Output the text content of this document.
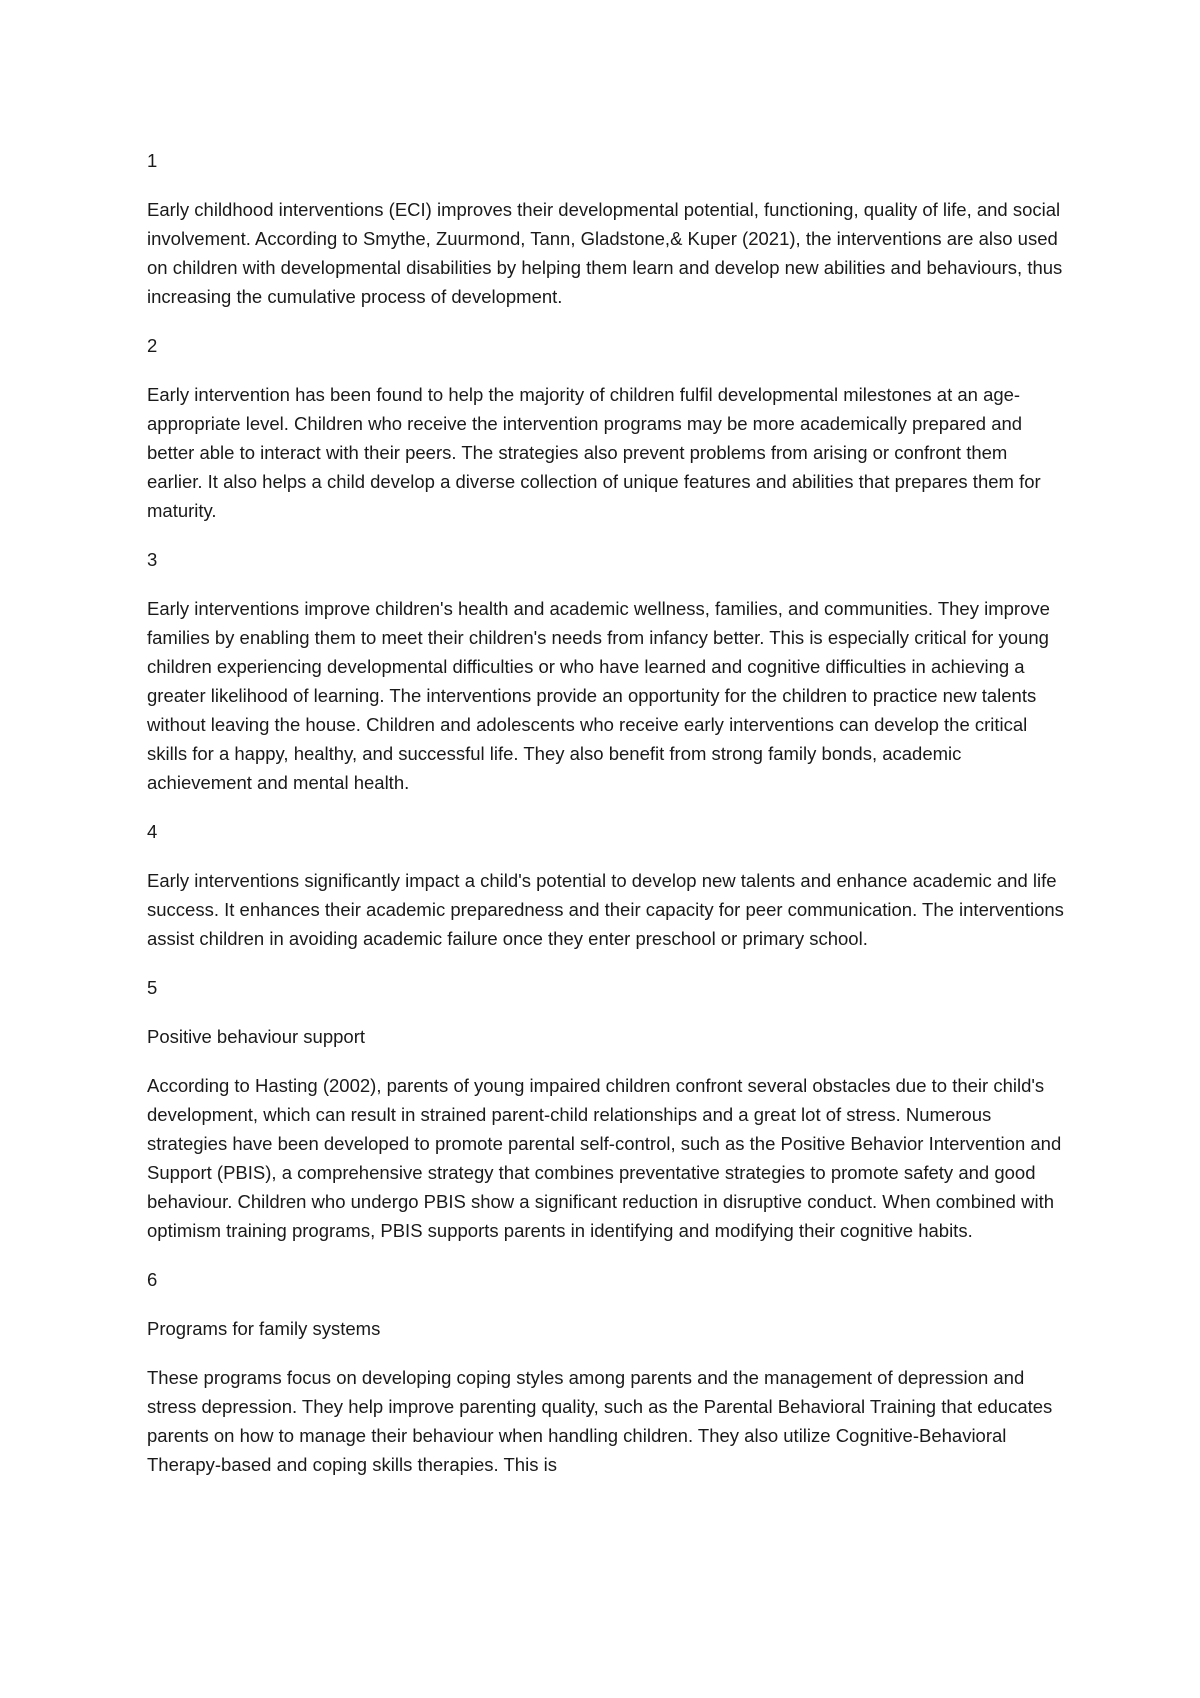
1

Early childhood interventions (ECI) improves their developmental potential, functioning, quality of life, and social involvement. According to Smythe, Zuurmond, Tann, Gladstone,& Kuper (2021), the interventions are also used on children with developmental disabilities by helping them learn and develop new abilities and behaviours, thus increasing the cumulative process of development.

2

Early intervention has been found to help the majority of children fulfil developmental milestones at an age-appropriate level. Children who receive the intervention programs may be more academically prepared and better able to interact with their peers. The strategies also prevent problems from arising or confront them earlier. It also helps a child develop a diverse collection of unique features and abilities that prepares them for maturity.

3

Early interventions improve children's health and academic wellness, families, and communities. They improve families by enabling them to meet their children's needs from infancy better. This is especially critical for young children experiencing developmental difficulties or who have learned and cognitive difficulties in achieving a greater likelihood of learning. The interventions provide an opportunity for the children to practice new talents without leaving the house. Children and adolescents who receive early interventions can develop the critical skills for a happy, healthy, and successful life. They also benefit from strong family bonds, academic achievement and mental health.

4

Early interventions significantly impact a child's potential to develop new talents and enhance academic and life success. It enhances their academic preparedness and their capacity for peer communication. The interventions assist children in avoiding academic failure once they enter preschool or primary school.

5

Positive behaviour support

According to Hasting (2002), parents of young impaired children confront several obstacles due to their child's development, which can result in strained parent-child relationships and a great lot of stress. Numerous strategies have been developed to promote parental self-control, such as the Positive Behavior Intervention and Support (PBIS), a comprehensive strategy that combines preventative strategies to promote safety and good behaviour. Children who undergo PBIS show a significant reduction in disruptive conduct. When combined with optimism training programs, PBIS supports parents in identifying and modifying their cognitive habits.

6

Programs for family systems

These programs focus on developing coping styles among parents and the management of depression and stress depression. They help improve parenting quality, such as the Parental Behavioral Training that educates parents on how to manage their behaviour when handling children. They also utilize Cognitive-Behavioral Therapy-based and coping skills therapies. This is
